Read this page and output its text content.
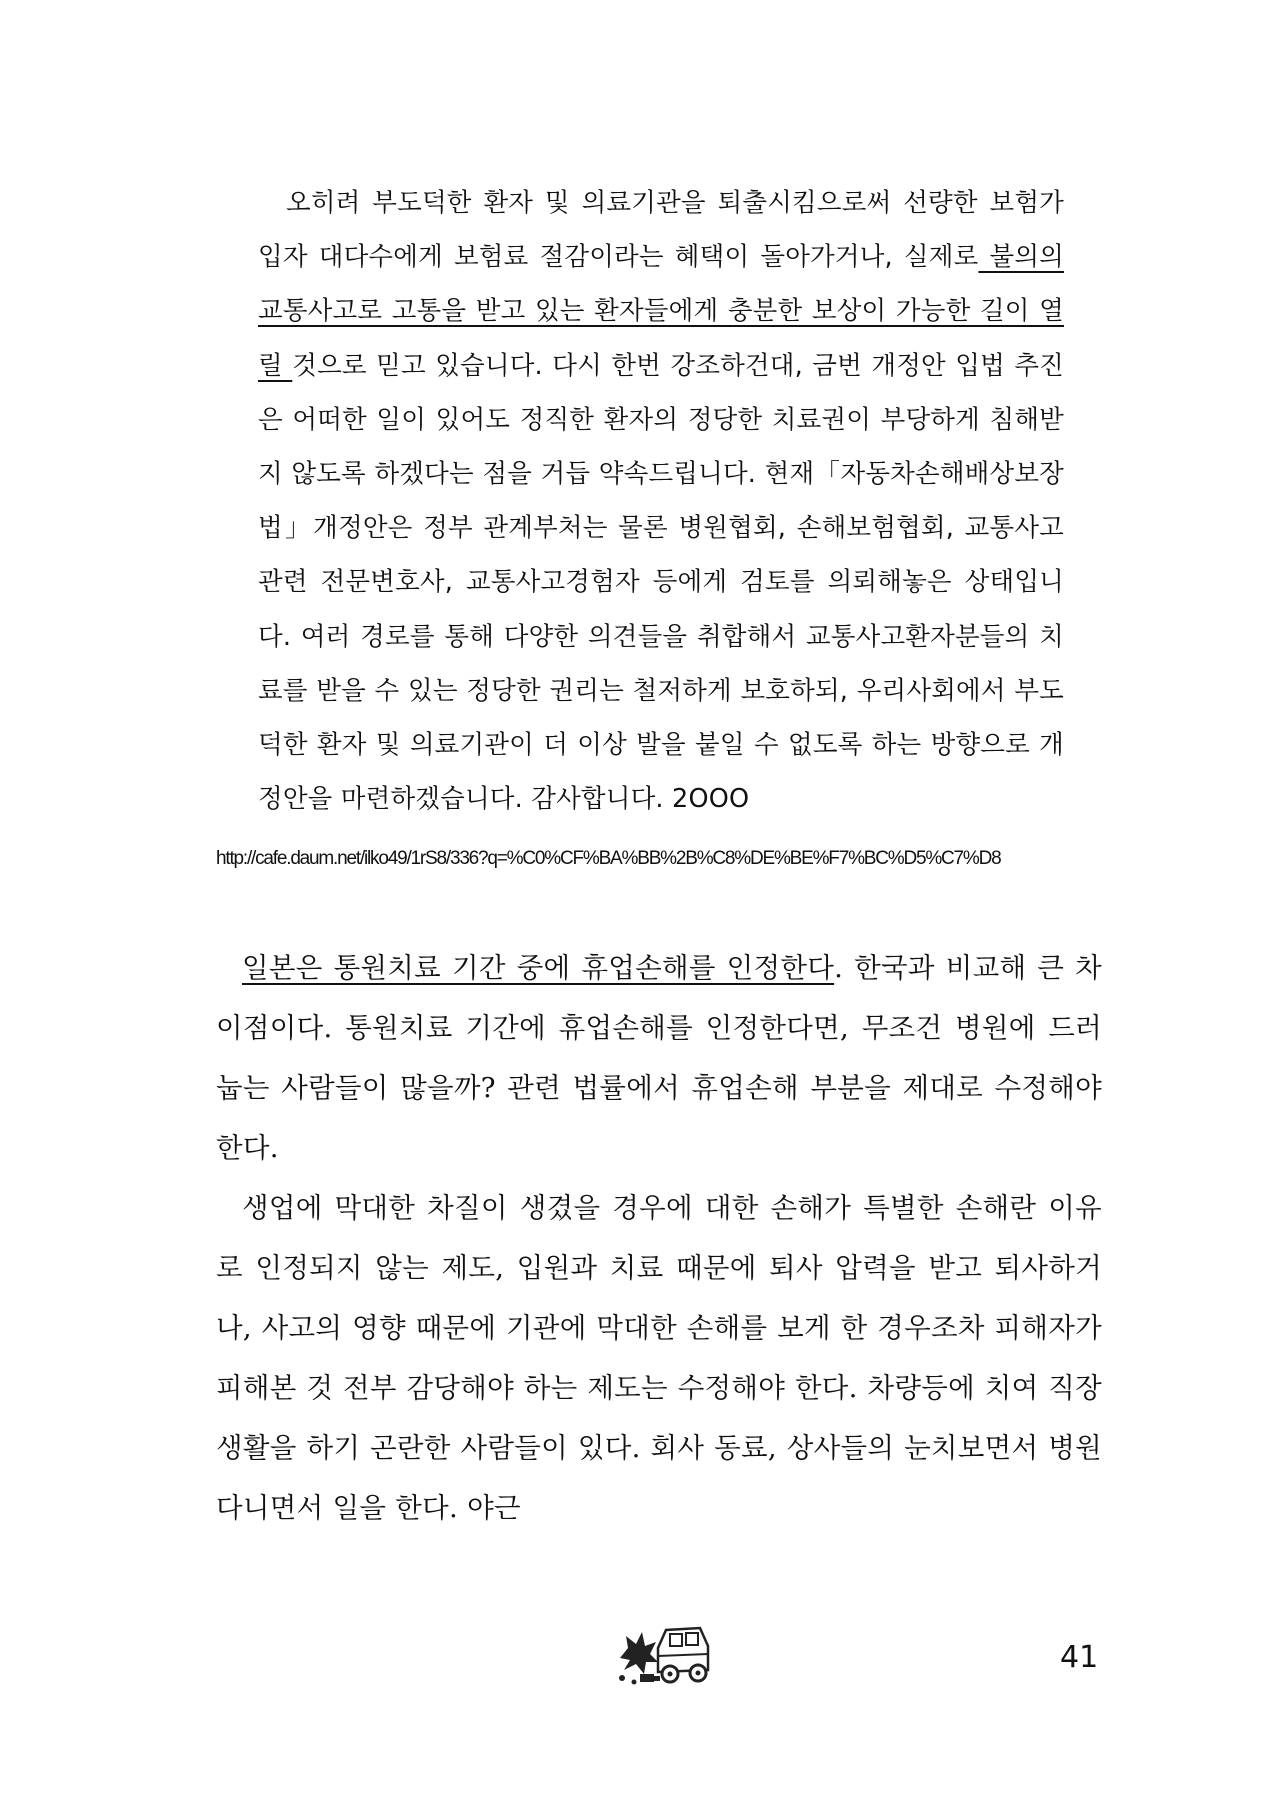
오히려 부도덕한 환자 및 의료기관을 퇴출시킴으로써 선량한 보험가입자 대다수에게 보험료 절감이라는 혜택이 돌아가거나, 실제로 불의의 교통사고로 고통을 받고 있는 환자들에게 충분한 보상이 가능한 길이 열릴 것으로 믿고 있습니다. 다시 한번 강조하건대, 금번 개정안 입법 추진은 어떠한 일이 있어도 정직한 환자의 정당한 치료권이 부당하게 침해받지 않도록 하겠다는 점을 거듭 약속드립니다. 현재「자동차손해배상보장법」개정안은 정부 관계부처는 물론 병원협회, 손해보험협회, 교통사고관련 전문변호사, 교통사고경험자 등에게 검토를 의뢰해놓은 상태입니다. 여러 경로를 통해 다양한 의견들을 취합해서 교통사고환자분들의 치료를 받을 수 있는 정당한 권리는 철저하게 보호하되, 우리사회에서 부도덕한 환자 및 의료기관이 더 이상 발을 붙일 수 없도록 하는 방향으로 개정안을 마련하겠습니다. 감사합니다. 2OOO

http://cafe.daum.net/ilko49/1rS8/336?q=%C0%CF%BA%BB%2B%C8%DE%BE%F7%BC%D5%C7%D8

일본은 통원치료 기간 중에 휴업손해를 인정한다. 한국과 비교해 큰 차이점이다. 통원치료 기간에 휴업손해를 인정한다면, 무조건 병원에 드러눕는 사람들이 많을까? 관련 법률에서 휴업손해 부분을 제대로 수정해야 한다.

생업에 막대한 차질이 생겼을 경우에 대한 손해가 특별한 손해란 이유로 인정되지 않는 제도, 입원과 치료 때문에 퇴사 압력을 받고 퇴사하거나, 사고의 영향 때문에 기관에 막대한 손해를 보게 한 경우조차 피해자가 피해본 것 전부 감당해야 하는 제도는 수정해야 한다. 차량등에 치여 직장생활을 하기 곤란한 사람들이 있다. 회사 동료, 상사들의 눈치보면서 병원 다니면서 일을 한다. 야근

41
